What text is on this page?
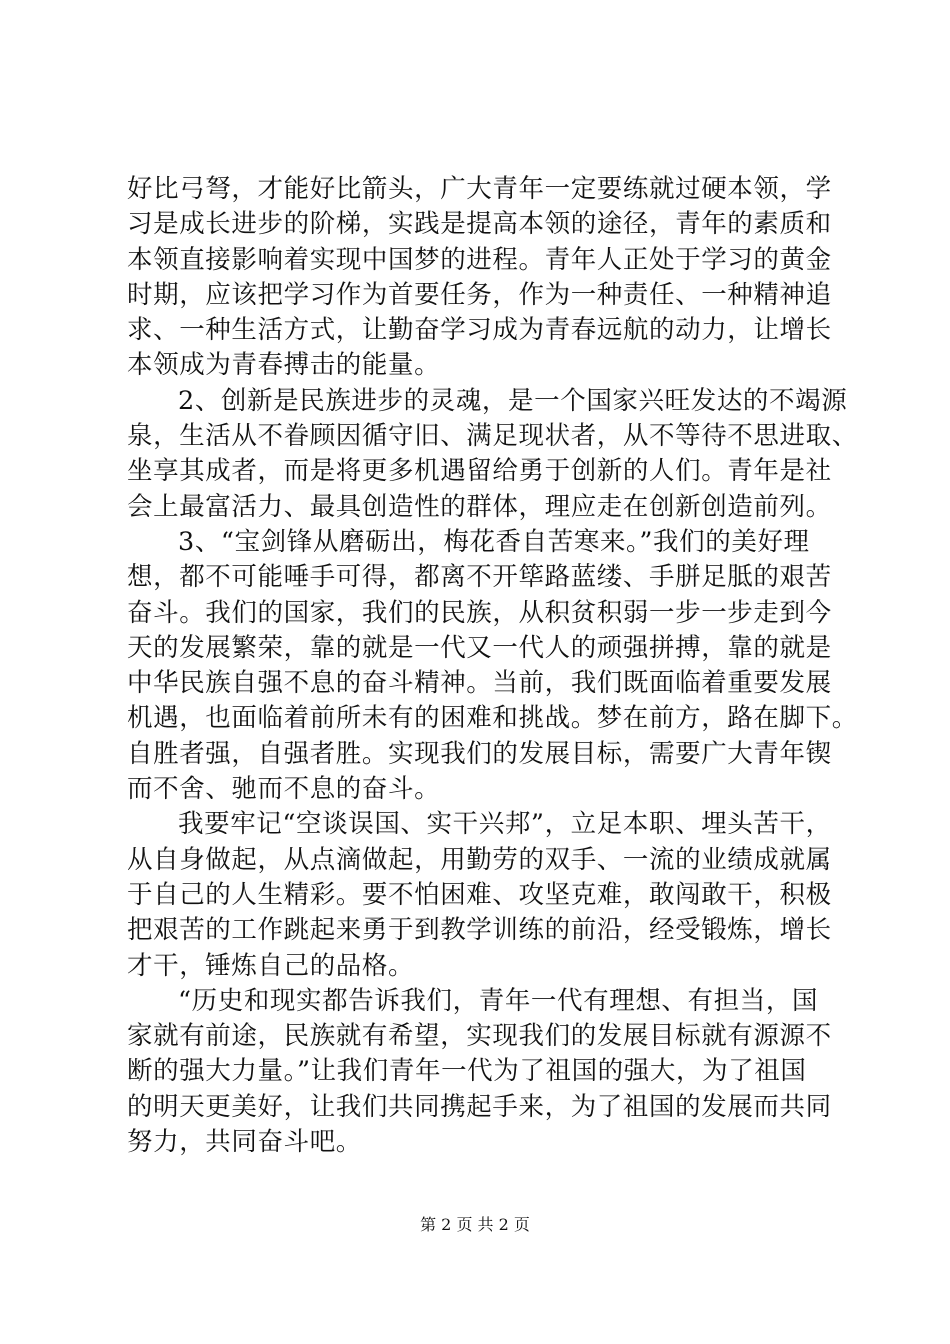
好比弓弩，才能好比箭头，广大青年一定要练就过硬本领，学
习是成长进步的阶梯，实践是提高本领的途径，青年的素质和
本领直接影响着实现中国梦的进程。青年人正处于学习的黄金
时期，应该把学习作为首要任务，作为一种责任、一种精神追
求、一种生活方式，让勤奋学习成为青春远航的动力，让增长
本领成为青春搏击的能量。
2、创新是民族进步的灵魂，是一个国家兴旺发达的不竭源
泉，生活从不眷顾因循守旧、满足现状者，从不等待不思进取、
坐享其成者，而是将更多机遇留给勇于创新的人们。青年是社
会上最富活力、最具创造性的群体，理应走在创新创造前列。
3、“宝剑锋从磨砺出，梅花香自苦寒来。”我们的美好理
想，都不可能唾手可得，都离不开筚路蓝缕、手胼足胝的艰苦
奋斗。我们的国家，我们的民族，从积贫积弱一步一步走到今
天的发展繁荣，靠的就是一代又一代人的顽强拼搏，靠的就是
中华民族自强不息的奋斗精神。当前，我们既面临着重要发展
机遇，也面临着前所未有的困难和挑战。梦在前方，路在脚下。
自胜者强，自强者胜。实现我们的发展目标，需要广大青年锲
而不舍、驰而不息的奋斗。
我要牢记“空谈误国、实干兴邦”，立足本职、埋头苦干，
从自身做起，从点滴做起，用勤劳的双手、一流的业绩成就属
于自己的人生精彩。要不怕困难、攻坚克难，敢闯敢干，积极
把艰苦的工作跳起来勇于到教学训练的前沿，经受锻炼，增长
才干，锤炼自己的品格。
“历史和现实都告诉我们，青年一代有理想、有担当，国
家就有前途，民族就有希望，实现我们的发展目标就有源源不
断的强大力量。”让我们青年一代为了祖国的强大，为了祖国
的明天更美好，让我们共同携起手来，为了祖国的发展而共同
努力，共同奋斗吧。
第 2 页 共 2 页
